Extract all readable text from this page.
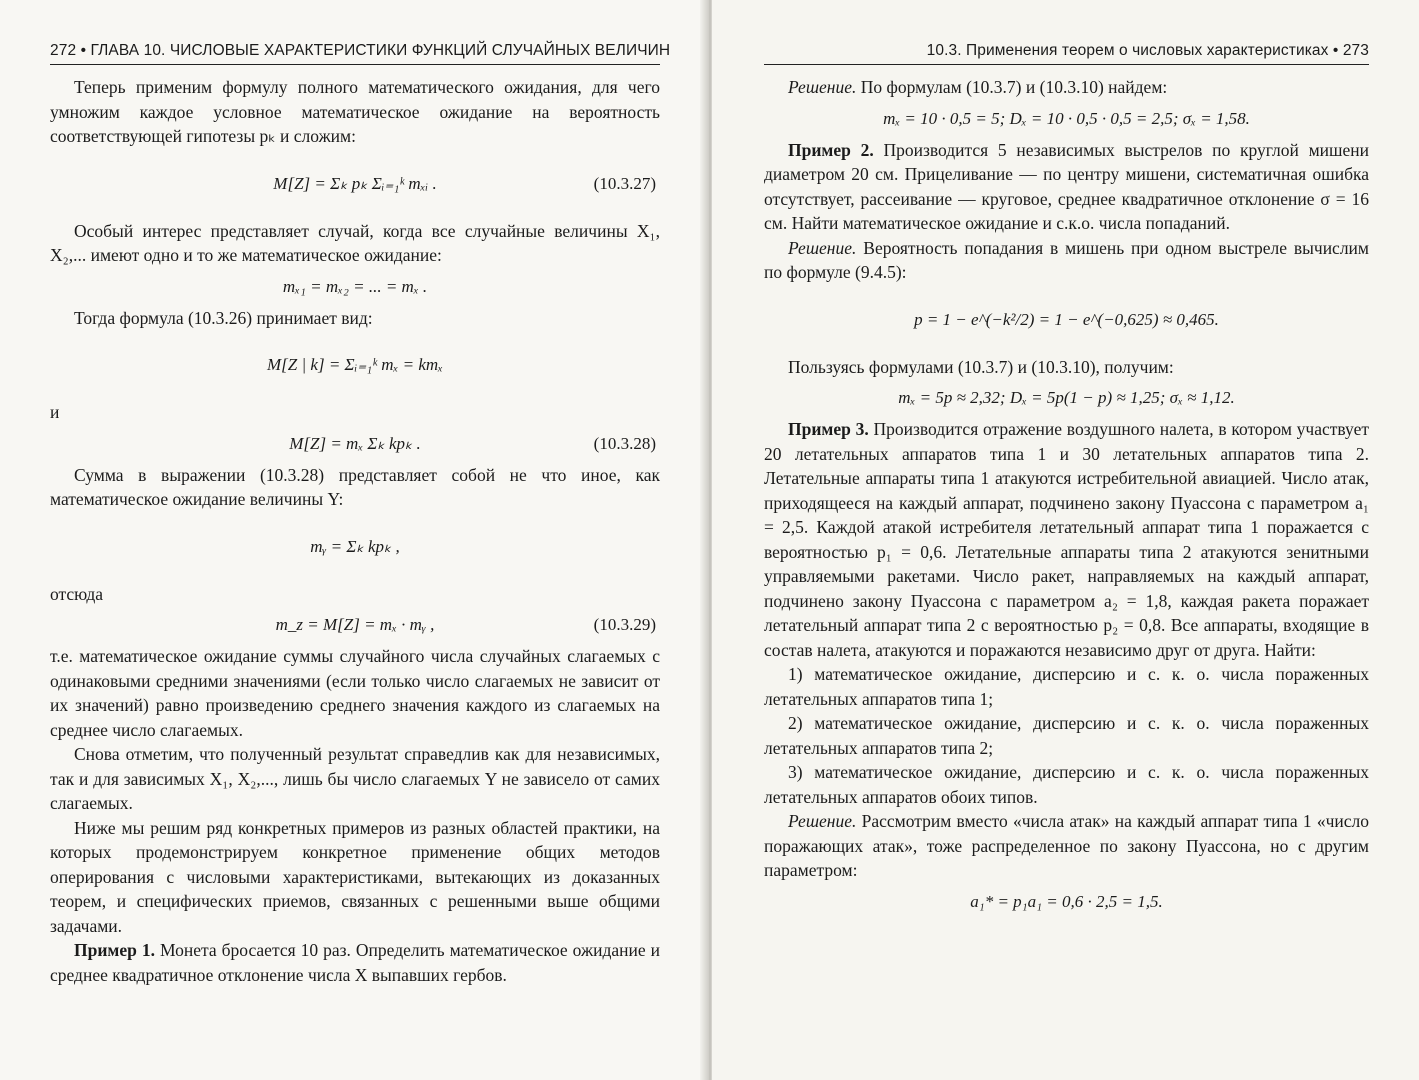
272 • ГЛАВА 10. ЧИСЛОВЫЕ ХАРАКТЕРИСТИКИ ФУНКЦИЙ СЛУЧАЙНЫХ ВЕЛИЧИН

Теперь применим формулу полного математического ожидания, для чего умножим каждое условное математическое ожидание на вероятность соответствующей гипотезы pₖ и сложим:

M[Z] = Σₖ pₖ Σᵢ₌₁ᵏ mₓᵢ .	(10.3.27)

Особый интерес представляет случай, когда все случайные величины X₁, X₂,... имеют одно и то же математическое ожидание:

mₓ₁ = mₓ₂ = ... = mₓ .

Тогда формула (10.3.26) принимает вид:

M[Z | k] = Σᵢ₌₁ᵏ mₓ = kmₓ

и

M[Z] = mₓ Σₖ kpₖ .	(10.3.28)

Сумма в выражении (10.3.28) представляет собой не что иное, как математическое ожидание величины Y:

mᵧ = Σₖ kpₖ ,

отсюда

m_z = M[Z] = mₓ · mᵧ ,	(10.3.29)

т.е. математическое ожидание суммы случайного числа случайных слагаемых с одинаковыми средними значениями (если только число слагаемых не зависит от их значений) равно произведению среднего значения каждого из слагаемых на среднее число слагаемых.

Снова отметим, что полученный результат справедлив как для независимых, так и для зависимых X₁, X₂,..., лишь бы число слагаемых Y не зависело от самих слагаемых.

Ниже мы решим ряд конкретных примеров из разных областей практики, на которых продемонстрируем конкретное применение общих методов оперирования с числовыми характеристиками, вытекающих из доказанных теорем, и специфических приемов, связанных с решенными выше общими задачами.

Пример 1. Монета бросается 10 раз. Определить математическое ожидание и среднее квадратичное отклонение числа X выпавших гербов.

10.3. Применения теорем о числовых характеристиках • 273

Решение. По формулам (10.3.7) и (10.3.10) найдем:

mₓ = 10 · 0,5 = 5; Dₓ = 10 · 0,5 · 0,5 = 2,5; σₓ = 1,58.

Пример 2. Производится 5 независимых выстрелов по круглой мишени диаметром 20 см. Прицеливание — по центру мишени, систематичная ошибка отсутствует, рассеивание — круговое, среднее квадратичное отклонение σ = 16 см. Найти математическое ожидание и с.к.о. числа попаданий.

Решение. Вероятность попадания в мишень при одном выстреле вычислим по формуле (9.4.5):

p = 1 − e^(−k²/2) = 1 − e^(−0,625) ≈ 0,465.

Пользуясь формулами (10.3.7) и (10.3.10), получим:

mₓ = 5p ≈ 2,32; Dₓ = 5p(1 − p) ≈ 1,25; σₓ ≈ 1,12.

Пример 3. Производится отражение воздушного налета, в котором участвует 20 летательных аппаратов типа 1 и 30 летательных аппаратов типа 2. Летательные аппараты типа 1 атакуются истребительной авиацией. Число атак, приходящееся на каждый аппарат, подчинено закону Пуассона с параметром a₁ = 2,5. Каждой атакой истребителя летательный аппарат типа 1 поражается с вероятностью p₁ = 0,6. Летательные аппараты типа 2 атакуются зенитными управляемыми ракетами. Число ракет, направляемых на каждый аппарат, подчинено закону Пуассона с параметром a₂ = 1,8, каждая ракета поражает летательный аппарат типа 2 с вероятностью p₂ = 0,8. Все аппараты, входящие в состав налета, атакуются и поражаются независимо друг от друга. Найти:

1) математическое ожидание, дисперсию и с. к. о. числа пораженных летательных аппаратов типа 1;

2) математическое ожидание, дисперсию и с. к. о. числа пораженных летательных аппаратов типа 2;

3) математическое ожидание, дисперсию и с. к. о. числа пораженных летательных аппаратов обоих типов.

Решение. Рассмотрим вместо «числа атак» на каждый аппарат типа 1 «число поражающих атак», тоже распределенное по закону Пуассона, но с другим параметром:

a₁* = p₁a₁ = 0,6 · 2,5 = 1,5.
